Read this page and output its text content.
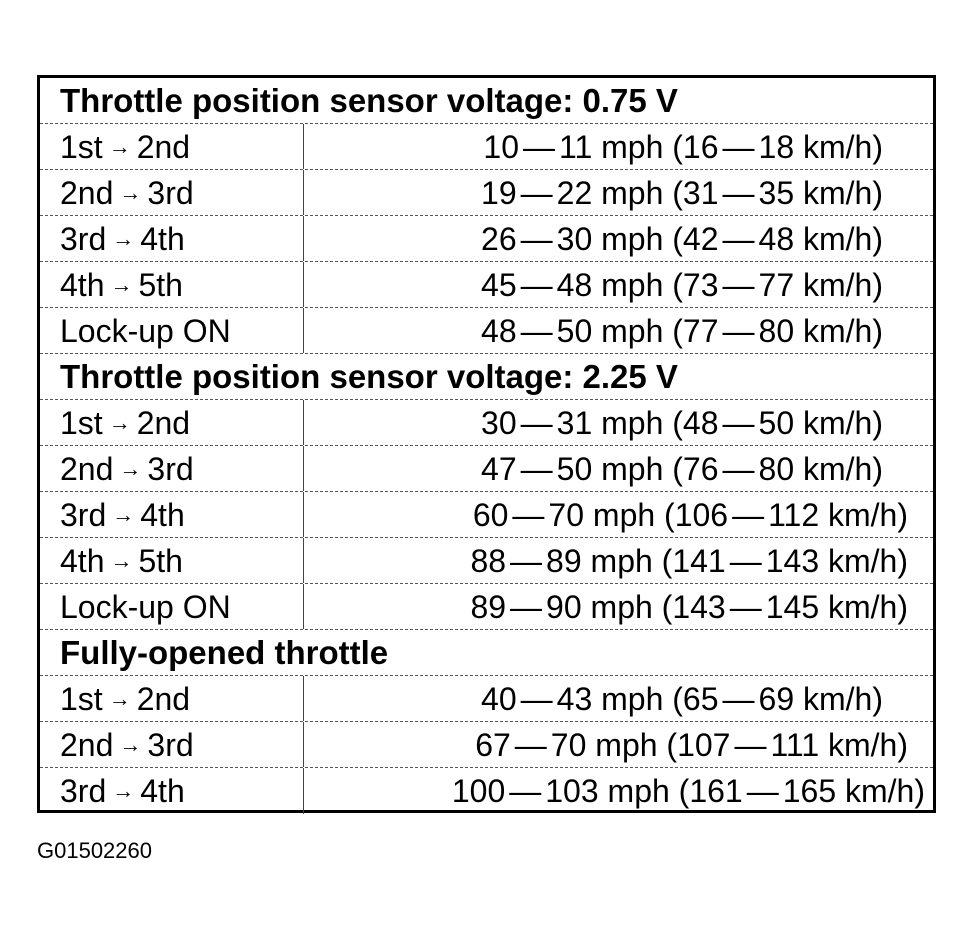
Throttle position sensor voltage: 0.75 V
1st → 2nd	10 — 11 mph (16 — 18 km/h)
2nd → 3rd	19 — 22 mph (31 — 35 km/h)
3rd → 4th	26 — 30 mph (42 — 48 km/h)
4th → 5th	45 — 48 mph (73 — 77 km/h)
Lock-up ON	48 — 50 mph (77 — 80 km/h)
Throttle position sensor voltage: 2.25 V
1st → 2nd	30 — 31 mph (48 — 50 km/h)
2nd → 3rd	47 — 50 mph (76 — 80 km/h)
3rd → 4th	60 — 70 mph (106 — 112 km/h)
4th → 5th	88 — 89 mph (141 — 143 km/h)
Lock-up ON	89 — 90 mph (143 — 145 km/h)
Fully-opened throttle
1st → 2nd	40 — 43 mph (65 — 69 km/h)
2nd → 3rd	67 — 70 mph (107 — 111 km/h)
3rd → 4th	100 — 103 mph (161 — 165 km/h)
G01502260
